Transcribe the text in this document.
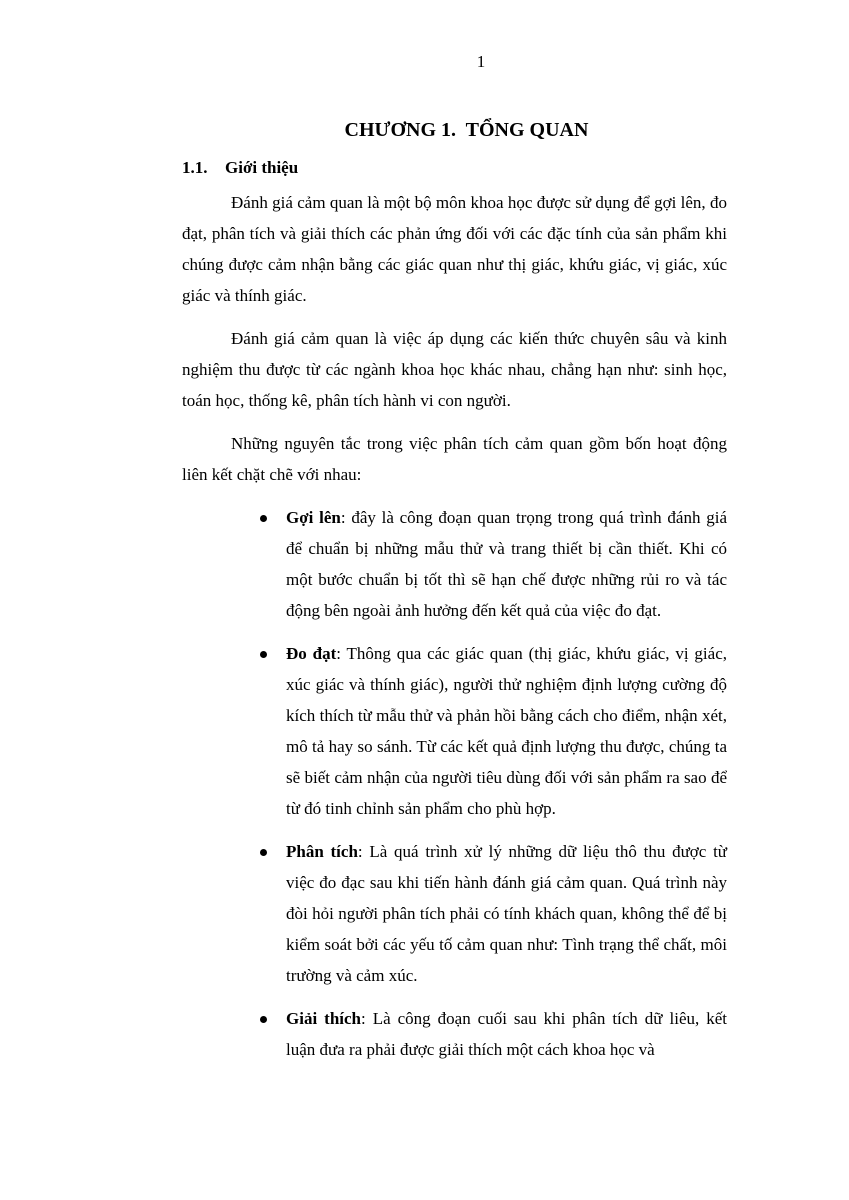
1
CHƯƠNG 1.  TỔNG QUAN
1.1. Giới thiệu

Đánh giá cảm quan là một bộ môn khoa học được sử dụng để gợi lên, đo đạt, phân tích và giải thích các phản ứng đối với các đặc tính của sản phẩm khi chúng được cảm nhận bằng các giác quan như thị giác, khứu giác, vị giác, xúc giác và thính giác.

Đánh giá cảm quan là việc áp dụng các kiến thức chuyên sâu và kinh nghiệm thu được từ các ngành khoa học khác nhau, chẳng hạn như: sinh học, toán học, thống kê, phân tích hành vi con người.

Những nguyên tắc trong việc phân tích cảm quan gồm bốn hoạt động liên kết chặt chẽ với nhau:

Gợi lên: đây là công đoạn quan trọng trong quá trình đánh giá để chuẩn bị những mẫu thử và trang thiết bị cần thiết. Khi có một bước chuẩn bị tốt thì sẽ hạn chế được những rủi ro và tác động bên ngoài ảnh hưởng đến kết quả của việc đo đạt.
Đo đạt: Thông qua các giác quan (thị giác, khứu giác, vị giác, xúc giác và thính giác), người thử nghiệm định lượng cường độ kích thích từ mẫu thử và phản hồi bằng cách cho điểm, nhận xét, mô tả hay so sánh. Từ các kết quả định lượng thu được, chúng ta sẽ biết cảm nhận của người tiêu dùng đối với sản phẩm ra sao để từ đó tinh chỉnh sản phẩm cho phù hợp.
Phân tích: Là quá trình xử lý những dữ liệu thô thu được từ việc đo đạc sau khi tiến hành đánh giá cảm quan. Quá trình này đòi hỏi người phân tích phải có tính khách quan, không thể để bị kiểm soát bởi các yếu tố cảm quan như: Tình trạng thể chất, môi trường và cảm xúc.
Giải thích: Là công đoạn cuối sau khi phân tích dữ liêu, kết luận đưa ra phải được giải thích một cách khoa học và
